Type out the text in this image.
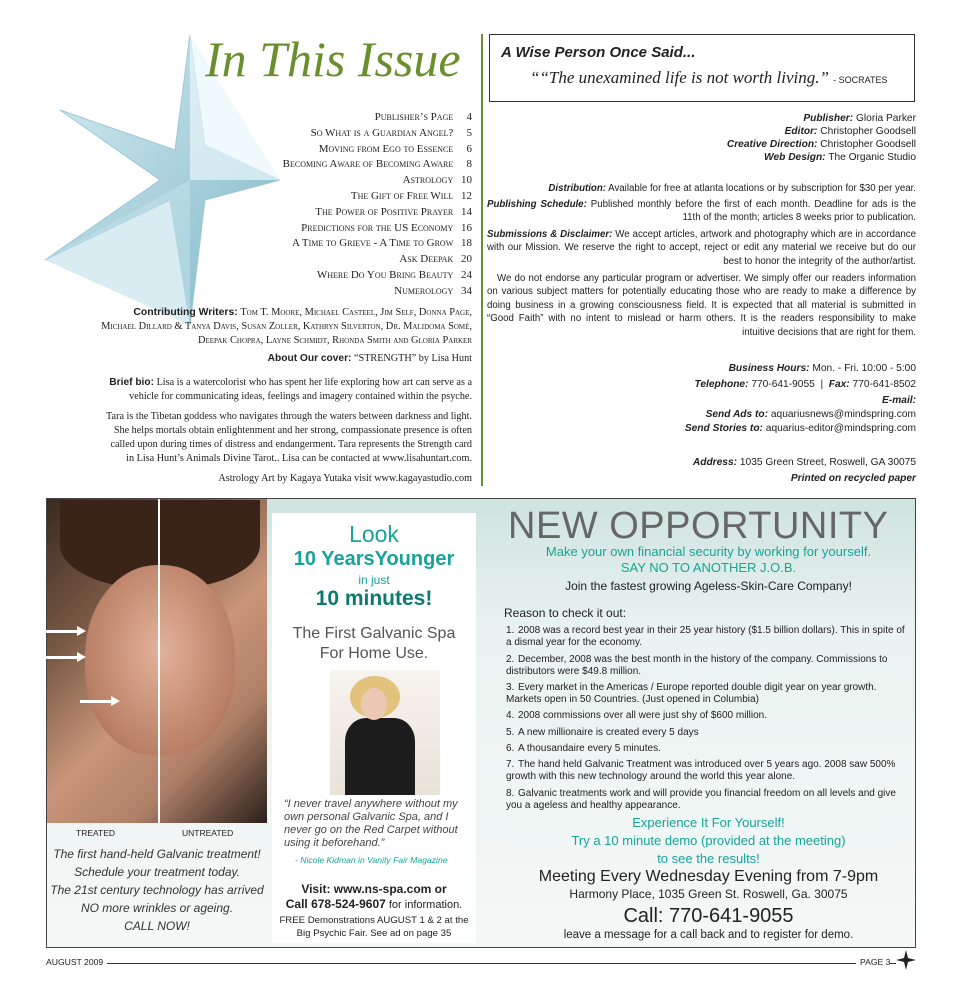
In This Issue
Publisher’s Page 4
So What is a Guardian Angel? 5
Moving from Ego to Essence 6
Becoming Aware of Becoming Aware 8
Astrology 10
The Gift of Free Will 12
The Power of Positive Prayer 14
Predictions for the US Economy 16
A Time to Grieve - A Time to Grow 18
Ask Deepak 20
Where Do You Bring Beauty 24
Numerology 34
Contributing Writers: Tom T. Moore, Michael Casteel, Jim Self, Donna Page, Michael Dillard & Tanya Davis, Susan Zoller, Kathryn Silverton, Dr. Malidoma Somé, Deepak Chopra, Layne Schmidt, Rhonda Smith and Gloria Parker
About Our cover: “STRENGTH” by Lisa Hunt
Brief bio: Lisa is a watercolorist who has spent her life exploring how art can serve as a vehicle for communicating ideas, feelings and imagery contained within the psyche.
Tara is the Tibetan goddess who navigates through the waters between darkness and light. She helps mortals obtain enlightenment and her strong, compassionate presence is often called upon during times of distress and endangerment. Tara represents the Strength card in Lisa Hunt’s Animals Divine Tarot.. Lisa can be contacted at www.lisahuntart.com.
Astrology Art by Kagaya Yutaka visit www.kagayastudio.com
A Wise Person Once Said...
““The unexamined life is not worth living.” - SOCRATES
Publisher: Gloria Parker
Editor: Christopher Goodsell
Creative Direction: Christopher Goodsell
Web Design: The Organic Studio
Distribution: Available for free at atlanta locations or by subscription for $30 per year.
Publishing Schedule: Published monthly before the first of each month. Deadline for ads is the 11th of the month; articles 8 weeks prior to publication.
Submissions & Disclaimer: We accept articles, artwork and photography which are in accordance with our Mission. We reserve the right to accept, reject or edit any material we receive but do our best to honor the integrity of the author/artist.
We do not endorse any particular program or advertiser. We simply offer our readers information on various subject matters for potentially educating those who are ready to make a difference by doing business in a growing consciousness field. It is expected that all material is submitted in “Good Faith” with no intent to mislead or harm others. It is the readers responsibility to make intuitive decisions that are right for them.
Business Hours: Mon. - Fri. 10:00 - 5:00
Telephone: 770-641-9055  |  Fax: 770-641-8502
E-mail:
Send Ads to: aquariusnews@mindspring.com
Send Stories to: aquarius-editor@mindspring.com
Address: 1035 Green Street, Roswell, GA 30075
Printed on recycled paper
TREATED	UNTREATED
The first hand-held Galvanic treatment!
Schedule your treatment today.
The 21st century technology has arrived
NO more wrinkles or ageing.
CALL NOW!
Look
10 YearsYounger
in just
10 minutes!
The First Galvanic Spa For Home Use.
“I never travel anywhere without my own personal Galvanic Spa, and I never go on the Red Carpet without using it beforehand.”
- Nicole Kidman in Vanity Fair Magazine
Visit: www.ns-spa.com or
Call 678-524-9607 for information.
FREE Demonstrations AUGUST 1 & 2 at the Big Psychic Fair. See ad on page 35
NEW OPPORTUNITY
Make your own financial security by working for yourself.
SAY NO TO ANOTHER J.O.B.
Join the fastest growing Ageless-Skin-Care Company!
Reason to check it out:
1. 2008 was a record best year in their 25 year history ($1.5 billion dollars). This in spite of a dismal year for the economy.
2. December, 2008 was the best month in the history of the company. Commissions to distributors were $49.8 million.
3. Every market in the Americas / Europe reported double digit year on year growth. Markets open in 50 Countries. (Just opened in Columbia)
4. 2008 commissions over all were just shy of $600 million.
5. A new millionaire is created every 5 days
6. A thousandaire every 5 minutes.
7. The hand held Galvanic Treatment was introduced over 5 years ago. 2008 saw 500% growth with this new technology around the world this year alone.
8. Galvanic treatments work and will provide you financial freedom on all levels and give you a ageless and healthy appearance.
Experience It For Yourself!
Try a 10 minute demo (provided at the meeting)
to see the results!
Meeting Every Wednesday Evening from 7-9pm
Harmony Place, 1035 Green St. Roswell, Ga. 30075
Call: 770-641-9055
leave a message for a call back and to register for demo.
AUGUST 2009	PAGE 3
